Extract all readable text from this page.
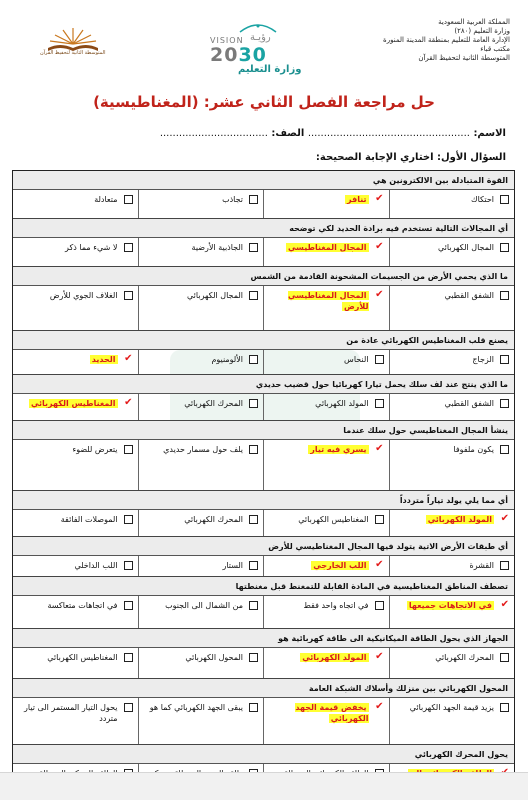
المملكة العربية السعودية
وزارة التعليم (٢٨٠)
الإدارة العامة للتعليم بمنطقة المدينة المنورة
مكتب قباء
المتوسطة الثانية لتحفيظ القرآن
VISION رؤيـة
2030
وزارة التعليم
المتوسطة الثانية لتحفيظ القرآن
حل مراجعة الفصل الثاني عشر: (المغناطيسية)
الاسم: ................................................... الصف: ..................................
السؤال الأول: اختاري الإجابة الصحيحة:
القوة المتبادلة بين الالكترونين هي
احتكاك
✔
تنافر
تجاذب
متعادلة
أي المجالات التالية تستخدم فيه برادة الحديد لكي توضحه
المجال الكهربائي
✔
المجال المغناطيسي
الجاذبية الأرضية
لا شيء مما ذكر
ما الذي يحمي الأرض من الجسيمات المشحونة القادمة من الشمس
الشفق القطبي
✔
المجال المغناطيسي للأرض
المجال الكهربائي
الغلاف الجوي للأرض
يصنع قلب المغناطيس الكهربائي عادة من
الزجاج
النحاس
الألومنيوم
✔
الحديد
ما الذي ينتج عند لف سلك يحمل تيارا كهربائيا حول قضيب حديدي
الشفق القطبي
المولد الكهربائي
المحرك الكهربائي
✔
المغناطيس الكهربائي
ينشأ المجال المغناطيسي حول سلك عندما
يكون ملفوفا
✔
يسري فيه تيار
يلف حول مسمار حديدي
يتعرض للضوء
أي مما يلي يولد تياراً متردداً
✔
المولد الكهربائي
المغناطيس الكهربائي
المحرك الكهربائي
الموصلات الفائقة
أي طبقات الأرض الاتية يتولد فيها المجال المغناطيسي للأرض
القشرة
✔
اللب الخارجي
الستار
اللب الداخلي
تصطف المناطق المغناطيسية في المادة القابلة للتمغنط قبل مغنطتها
✔
في الاتجاهات جميعها
في اتجاه واحد فقط
من الشمال الى الجنوب
في اتجاهات متعاكسة
الجهاز الذي يحول الطاقة الميكانيكية الى طاقة كهربائية هو
المحرك الكهربائي
✔
المولد الكهربائي
المحول الكهربائي
المغناطيس الكهربائي
المحول الكهربائي بين منزلك وأسلاك الشبكة العامة
يزيد قيمة الجهد الكهربائي
✔
يخفض قيمة الجهد الكهربائي
يبقى الجهد الكهربائي كما هو
يحول التيار المستمر الى تيار متردد
يحول المحرك الكهربائي
